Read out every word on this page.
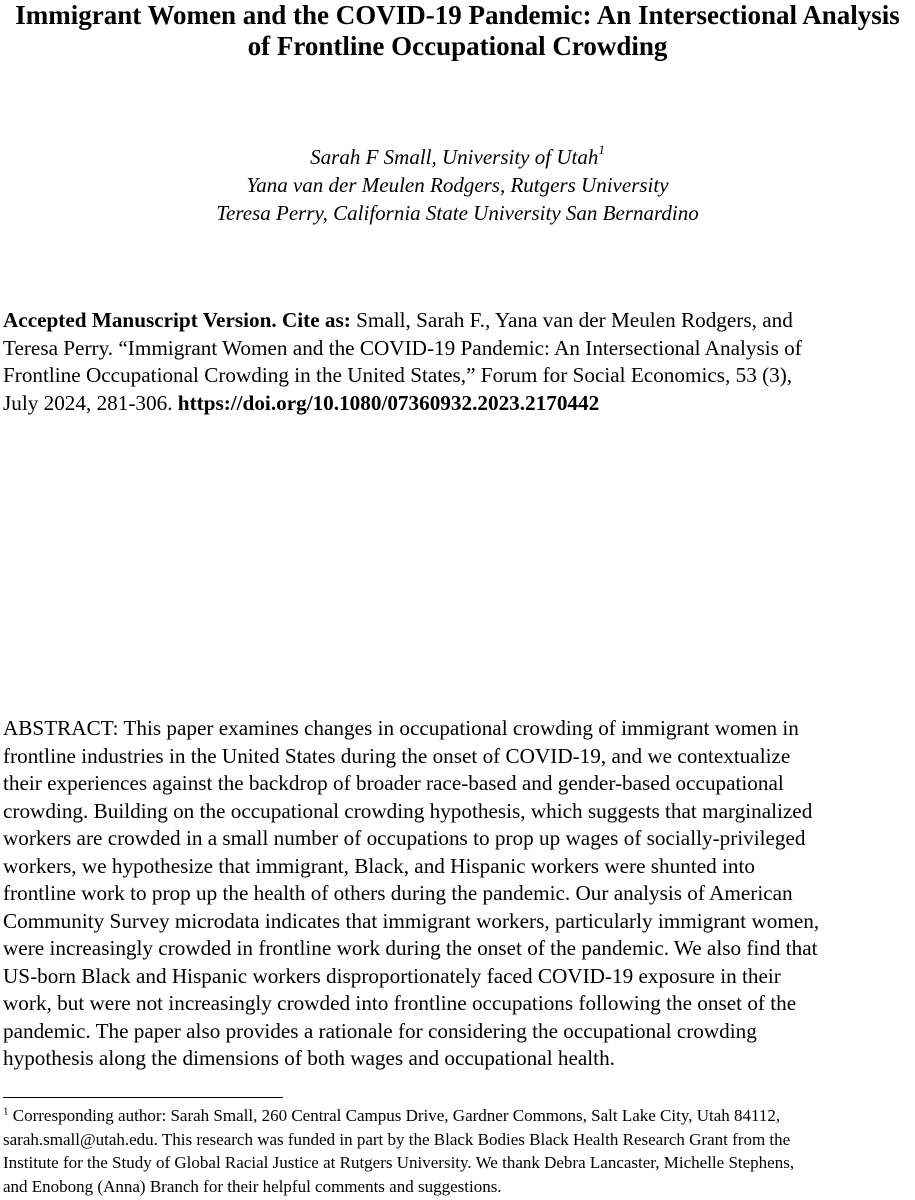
Immigrant Women and the COVID-19 Pandemic: An Intersectional Analysis
of Frontline Occupational Crowding
Sarah F Small, University of Utah$^1$
Yana van der Meulen Rodgers, Rutgers University
Teresa Perry, California State University San Bernardino
Accepted Manuscript Version. Cite as: Small, Sarah F., Yana van der Meulen Rodgers, and
Teresa Perry. “Immigrant Women and the COVID-19 Pandemic: An Intersectional Analysis of
Frontline Occupational Crowding in the United States,” Forum for Social Economics, 53 (3),
July 2024, 281-306. https://doi.org/10.1080/07360932.2023.2170442
ABSTRACT: This paper examines changes in occupational crowding of immigrant women in
frontline industries in the United States during the onset of COVID-19, and we contextualize
their experiences against the backdrop of broader race-based and gender-based occupational
crowding. Building on the occupational crowding hypothesis, which suggests that marginalized
workers are crowded in a small number of occupations to prop up wages of socially-privileged
workers, we hypothesize that immigrant, Black, and Hispanic workers were shunted into
frontline work to prop up the health of others during the pandemic. Our analysis of American
Community Survey microdata indicates that immigrant workers, particularly immigrant women,
were increasingly crowded in frontline work during the onset of the pandemic. We also find that
US-born Black and Hispanic workers disproportionately faced COVID-19 exposure in their
work, but were not increasingly crowded into frontline occupations following the onset of the
pandemic. The paper also provides a rationale for considering the occupational crowding
hypothesis along the dimensions of both wages and occupational health.
$^1$ Corresponding author: Sarah Small, 260 Central Campus Drive, Gardner Commons, Salt Lake City, Utah 84112,
sarah.small@utah.edu. This research was funded in part by the Black Bodies Black Health Research Grant from the
Institute for the Study of Global Racial Justice at Rutgers University. We thank Debra Lancaster, Michelle Stephens,
and Enobong (Anna) Branch for their helpful comments and suggestions.
